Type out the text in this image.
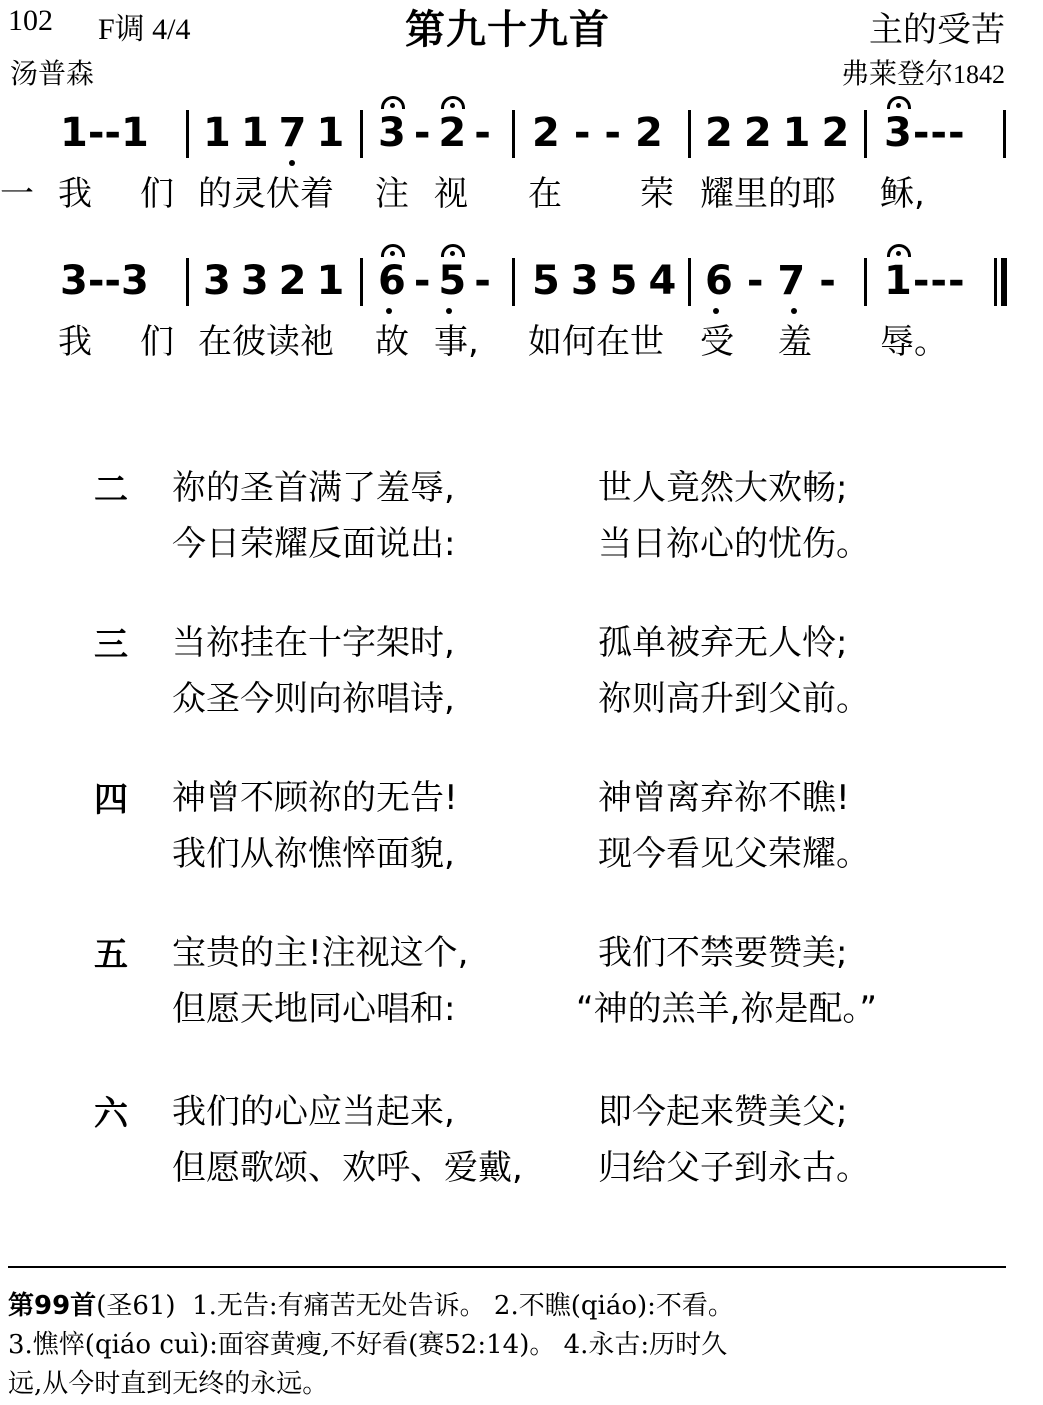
102 F调 4/4	第九十九首	主的受苦
汤普森	弗莱登尔1842
1--1 1171 3-2- 2--2 2212 3---
一 我 们 的灵伏着 注 视 在 荣 耀里的耶 稣,
3--3 3321 6-5- 5354 6-7- 1---
我 们 在彼读祂 故 事, 如何在世 受 羞 辱。
二 祢的圣首满了羞辱,	世人竟然大欢畅;
今日荣耀反面说出:	当日祢心的忧伤。
三 当祢挂在十字架时,	孤单被弃无人怜;
众圣今则向祢唱诗,	祢则高升到父前。
四 神曾不顾祢的无告!	神曾离弃祢不瞧!
我们从祢憔悴面貌,	现今看见父荣耀。
五 宝贵的主!注视这个,	我们不禁要赞美;
但愿天地同心唱和:	“神的羔羊,祢是配。”
六 我们的心应当起来,	即今起来赞美父;
但愿歌颂、欢呼、爱戴, 归给父子到永古。
第99首(圣61) 1.无告:有痛苦无处告诉。 2.不瞧(qiáo):不看。
3.憔悴(qiáo cuì):面容黄瘦,不好看(赛52:14)。 4.永古:历时久
远,从今时直到无终的永远。
